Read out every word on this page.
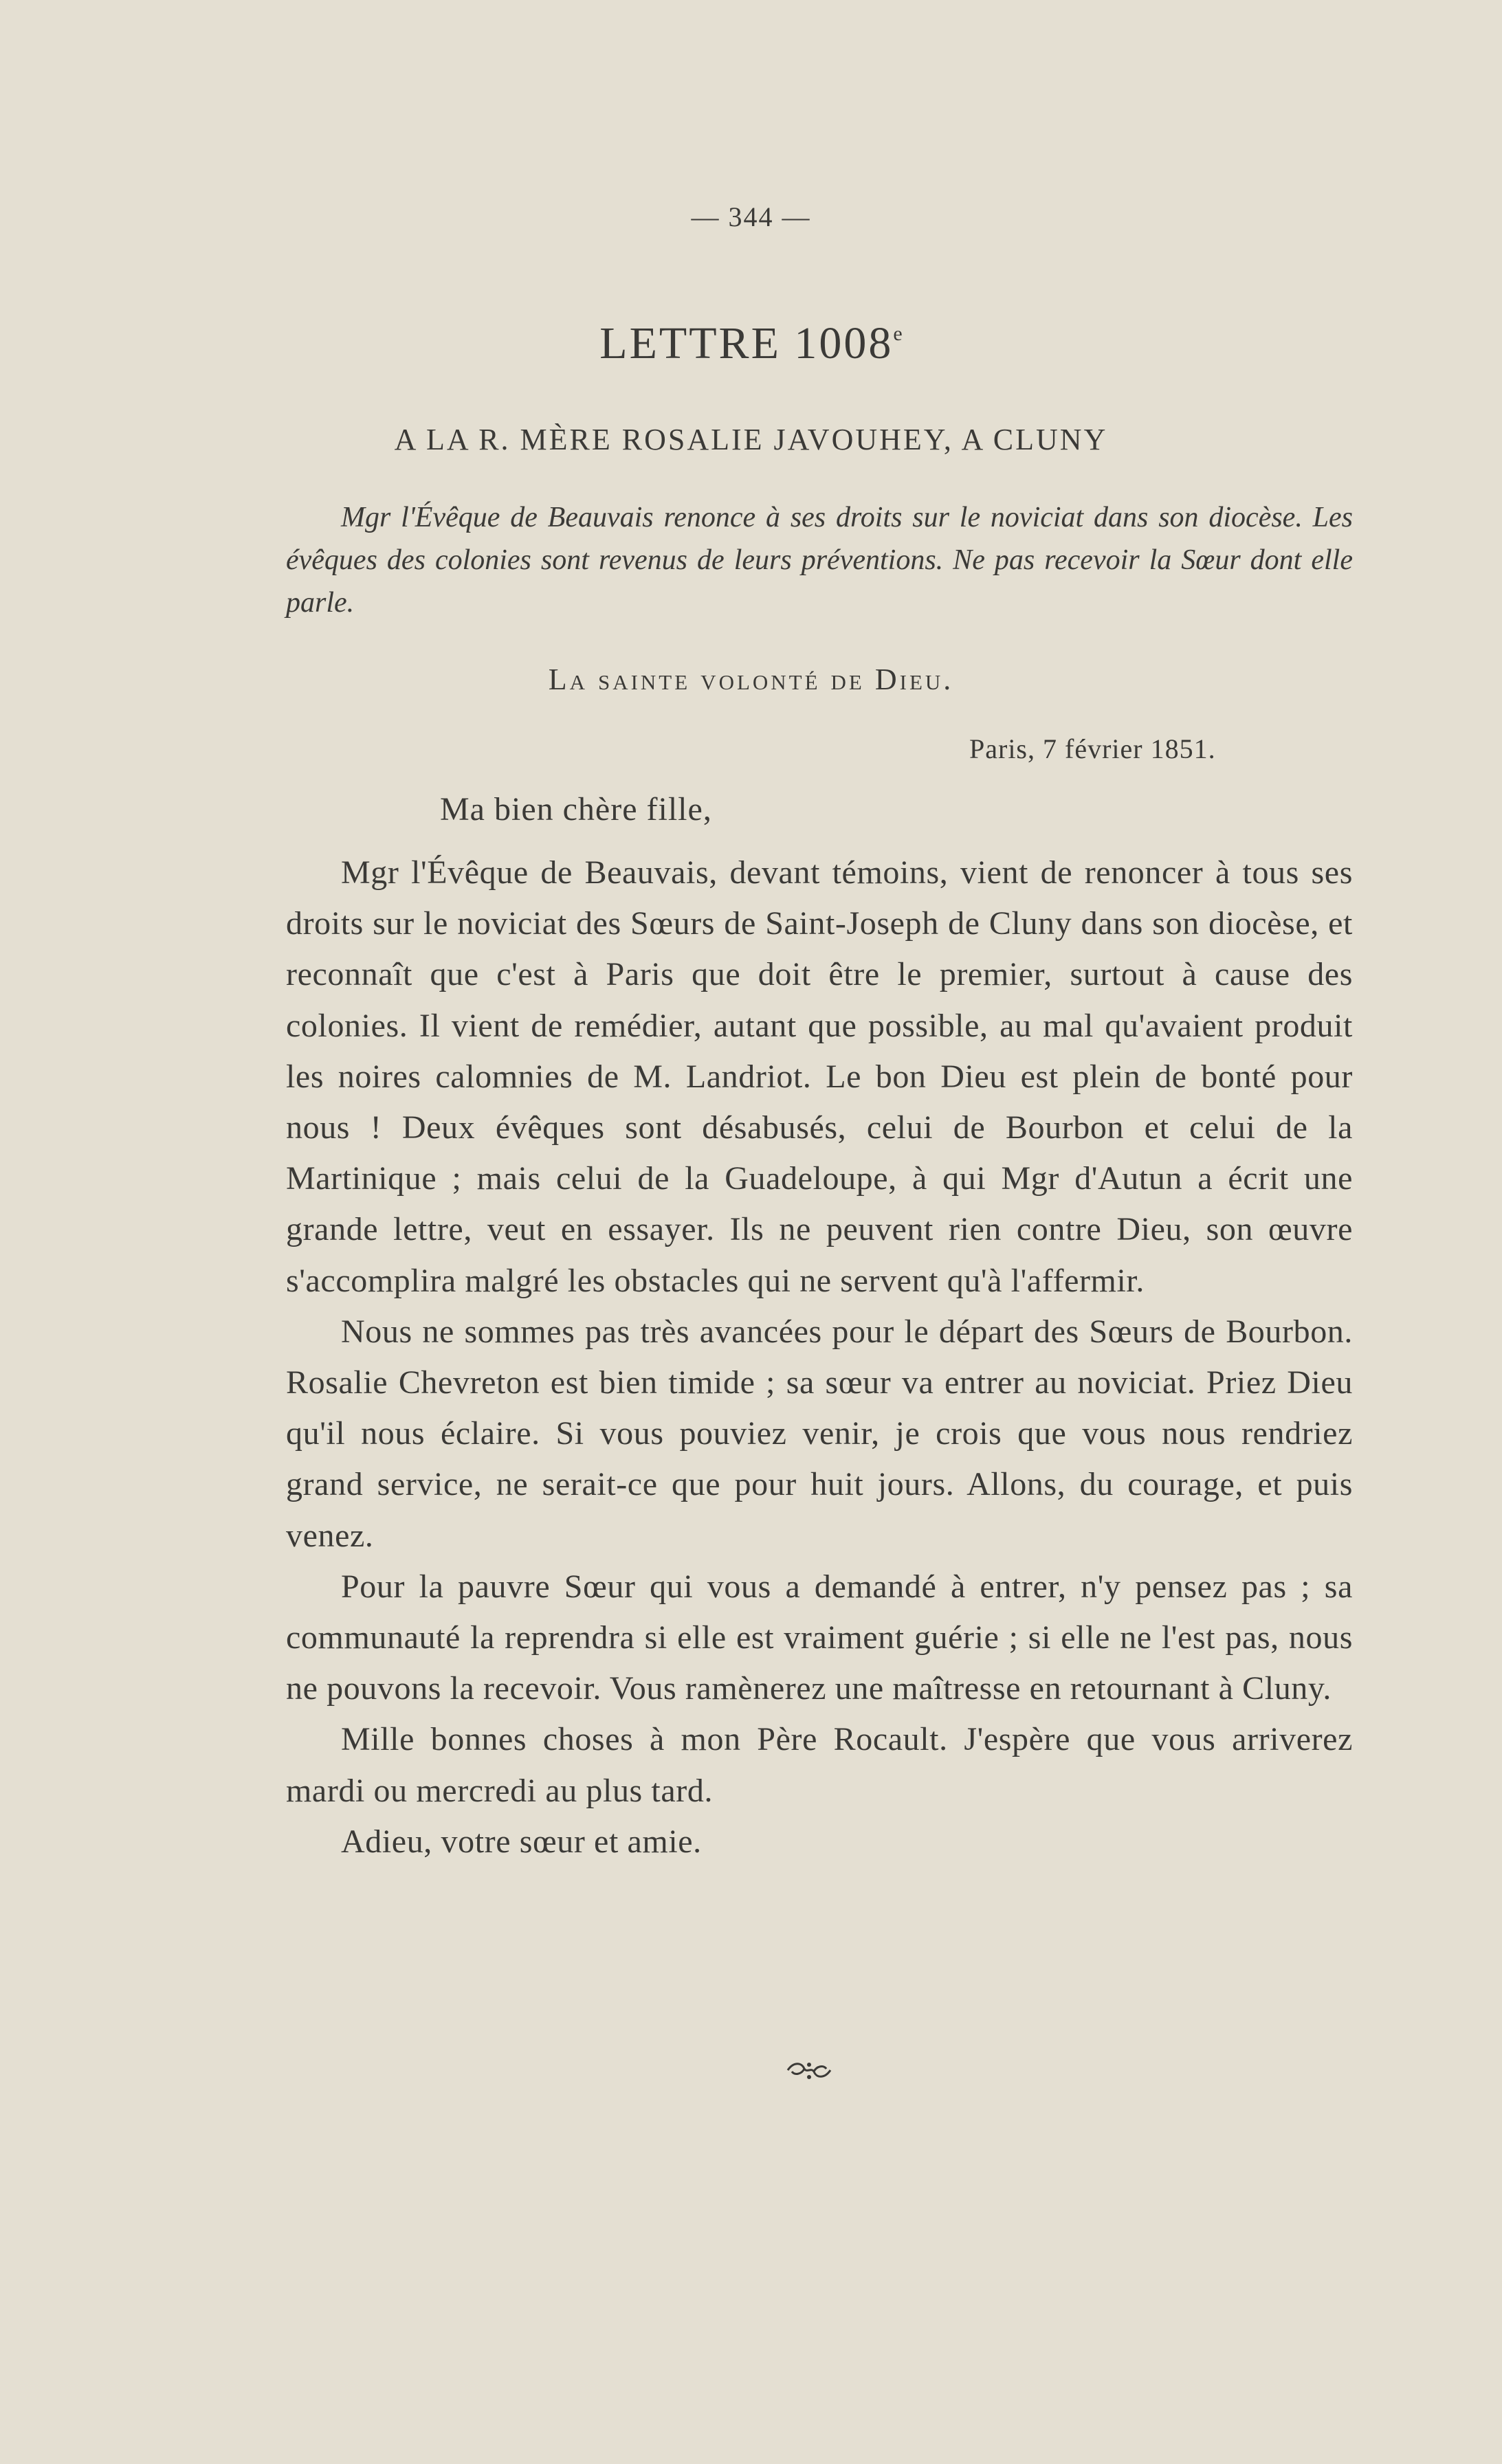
— 344 —
LETTRE 1008e
A LA R. MÈRE ROSALIE JAVOUHEY, A CLUNY

Mgr l'Évêque de Beauvais renonce à ses droits sur le noviciat dans son diocèse. Les évêques des colonies sont revenus de leurs préventions. Ne pas recevoir la Sœur dont elle parle.

La sainte volonté de Dieu.
Paris, 7 février 1851.
Ma bien chère fille,

Mgr l'Évêque de Beauvais, devant témoins, vient de renoncer à tous ses droits sur le noviciat des Sœurs de Saint-Joseph de Cluny dans son diocèse, et reconnaît que c'est à Paris que doit être le premier, surtout à cause des colonies. Il vient de remédier, autant que possible, au mal qu'avaient produit les noires calomnies de M. Landriot. Le bon Dieu est plein de bonté pour nous ! Deux évêques sont désabusés, celui de Bourbon et celui de la Martinique ; mais celui de la Guadeloupe, à qui Mgr d'Autun a écrit une grande lettre, veut en essayer. Ils ne peuvent rien contre Dieu, son œuvre s'accomplira malgré les obstacles qui ne servent qu'à l'affermir.

Nous ne sommes pas très avancées pour le départ des Sœurs de Bourbon. Rosalie Chevreton est bien timide ; sa sœur va entrer au noviciat. Priez Dieu qu'il nous éclaire. Si vous pouviez venir, je crois que vous nous rendriez grand service, ne serait-ce que pour huit jours. Allons, du courage, et puis venez.

Pour la pauvre Sœur qui vous a demandé à entrer, n'y pensez pas ; sa communauté la reprendra si elle est vraiment guérie ; si elle ne l'est pas, nous ne pouvons la recevoir. Vous ramènerez une maîtresse en retournant à Cluny.

Mille bonnes choses à mon Père Rocault. J'espère que vous arriverez mardi ou mercredi au plus tard.

Adieu, votre sœur et amie.
